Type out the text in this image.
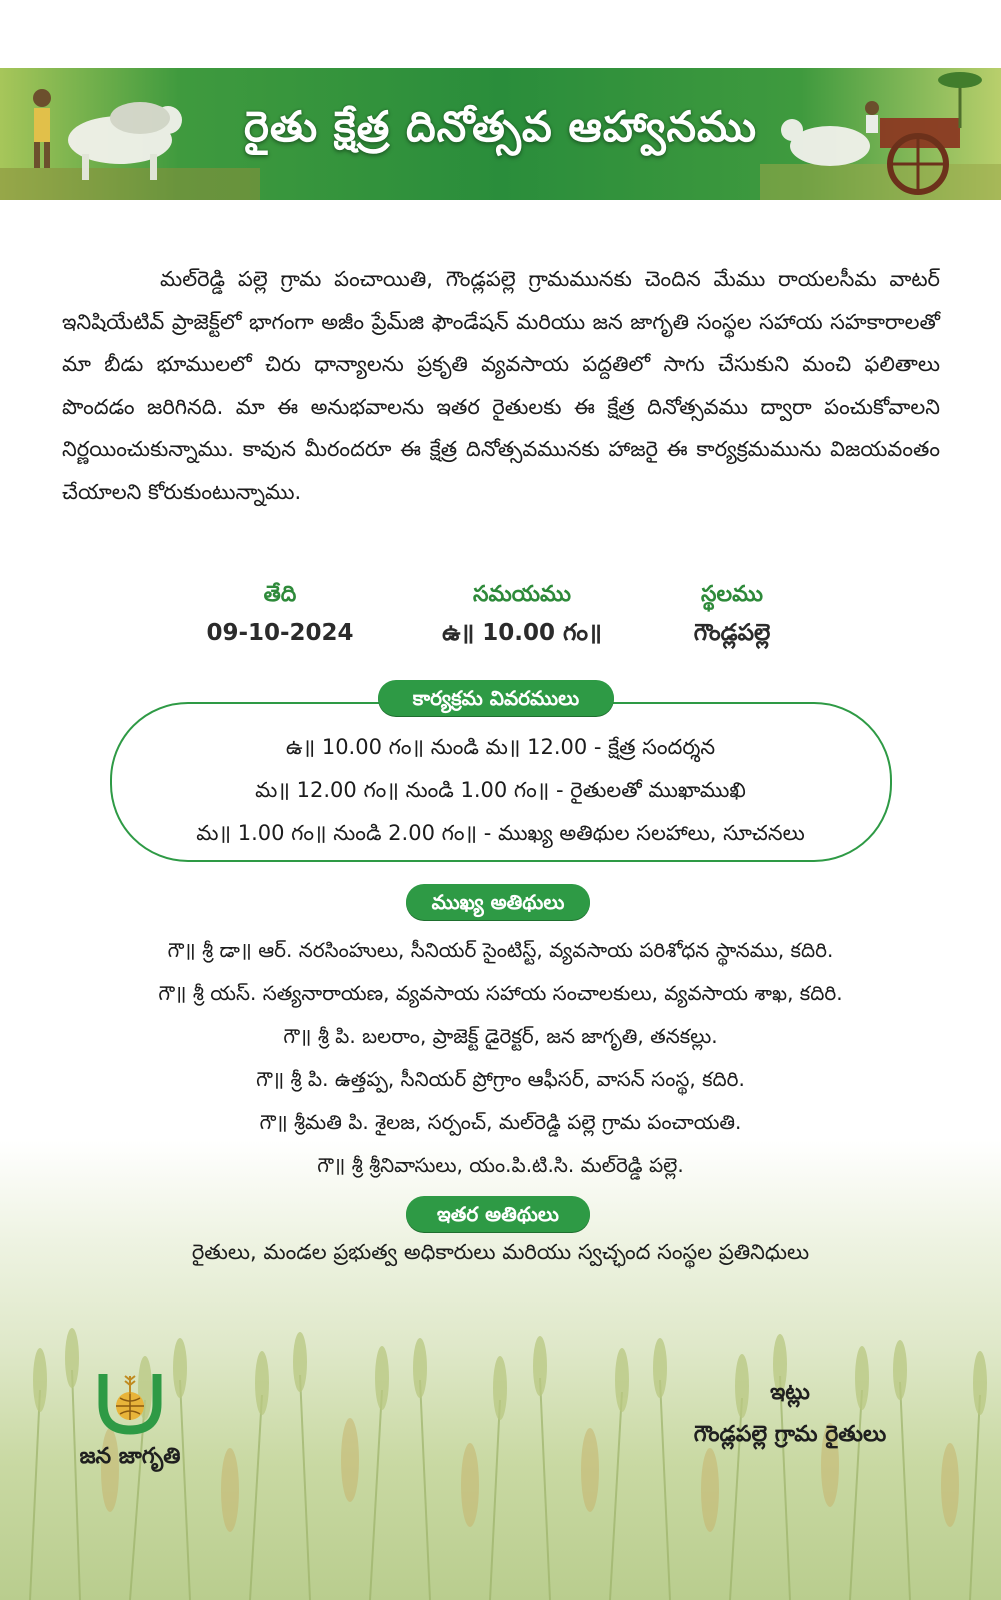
రైతు క్షేత్ర దినోత్సవ ఆహ్వానము
మల్‌రెడ్డి పల్లె గ్రామ పంచాయితి, గౌండ్లపల్లె గ్రామమునకు చెందిన మేము రాయలసీమ వాటర్ ఇనిషియేటివ్ ప్రాజెక్ట్‌లో భాగంగా అజీం ప్రేమ్‌జి ఫౌండేషన్ మరియు జన జాగృతి సంస్థల సహాయ సహకారాలతో మా బీడు భూములలో చిరు ధాన్యాలను ప్రకృతి వ్యవసాయ పద్దతిలో సాగు చేసుకుని మంచి ఫలితాలు పొందడం జరిగినది. మా ఈ అనుభవాలను ఇతర రైతులకు ఈ క్షేత్ర దినోత్సవము ద్వారా పంచుకోవాలని నిర్ణయించుకున్నాము. కావున మీరందరూ ఈ క్షేత్ర దినోత్సవమునకు హాజరై ఈ కార్యక్రమమును విజయవంతం చేయాలని కోరుకుంటున్నాము.
తేది
09-10-2024
సమయము
ఉ॥ 10.00 గం॥
స్థలము
గౌండ్లపల్లె
కార్యక్రమ వివరములు
ఉ॥ 10.00 గం॥ నుండి మ॥ 12.00 - క్షేత్ర సందర్శన
మ॥ 12.00 గం॥ నుండి 1.00 గం॥ - రైతులతో ముఖాముఖి
మ॥ 1.00 గం॥ నుండి 2.00 గం॥ - ముఖ్య అతిథుల సలహాలు, సూచనలు
ముఖ్య అతిథులు
గౌ॥ శ్రీ డా॥ ఆర్. నరసింహులు, సీనియర్ సైంటిస్ట్, వ్యవసాయ పరిశోధన స్థానము, కదిరి.
గౌ॥ శ్రీ యస్. సత్యనారాయణ, వ్యవసాయ సహాయ సంచాలకులు, వ్యవసాయ శాఖ, కదిరి.
గౌ॥ శ్రీ పి. బలరాం, ప్రాజెక్ట్ డైరెక్టర్, జన జాగృతి, తనకల్లు.
గౌ॥ శ్రీ పి. ఉత్తప్ప, సీనియర్ ప్రోగ్రాం ఆఫీసర్, వాసన్ సంస్థ, కదిరి.
గౌ॥ శ్రీమతి పి. శైలజ, సర్పంచ్, మల్‌రెడ్డి పల్లె గ్రామ పంచాయతి.
గౌ॥ శ్రీ శ్రీనివాసులు, యం.పి.టి.సి. మల్‌రెడ్డి పల్లె.
ఇతర అతిథులు
రైతులు, మండల ప్రభుత్వ అధికారులు మరియు స్వచ్ఛంద సంస్థల ప్రతినిధులు
జన జాగృతి
ఇట్లు
గౌండ్లపల్లె గ్రామ రైతులు
